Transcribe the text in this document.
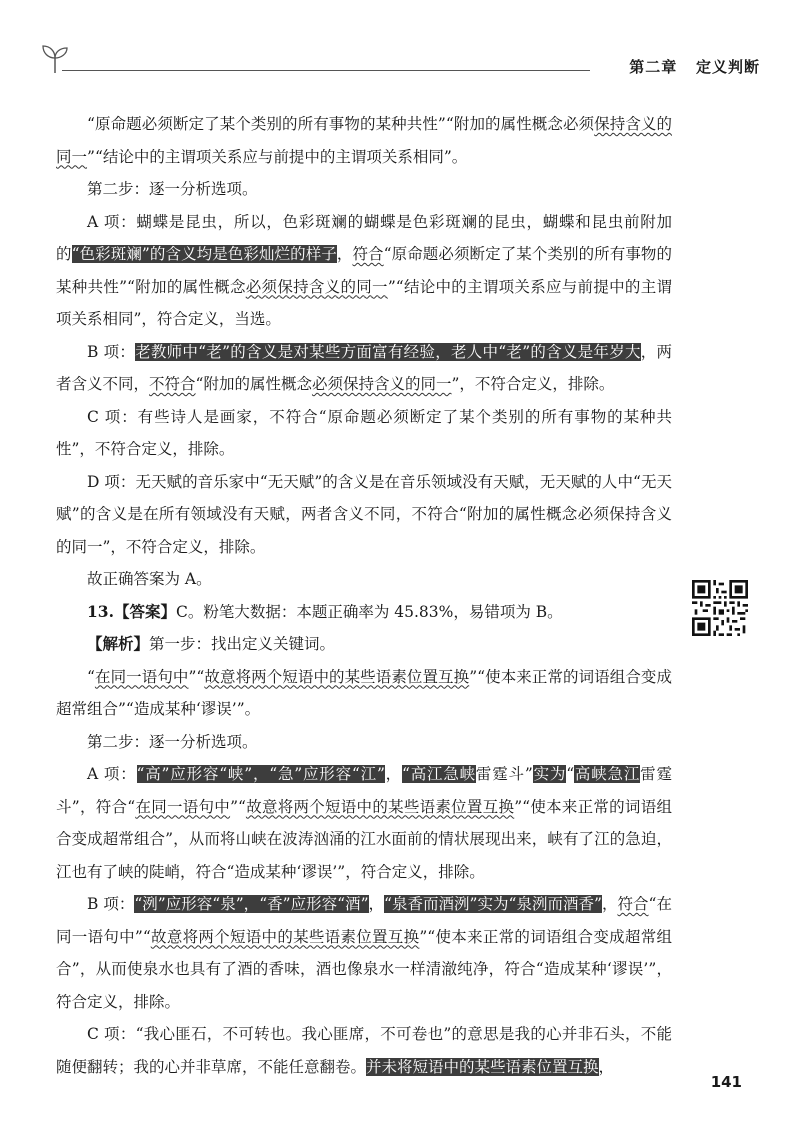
第二章 定义判断

“原命题必须断定了某个类别的所有事物的某种共性”“附加的属性概念必须保持含义的同一”“结论中的主谓项关系应与前提中的主谓项关系相同”。

第二步：逐一分析选项。

A 项：蝴蝶是昆虫，所以，色彩斑斓的蝴蝶是色彩斑斓的昆虫，蝴蝶和昆虫前附加的“色彩斑斓”的含义均是色彩灿烂的样子，符合“原命题必须断定了某个类别的所有事物的某种共性”“附加的属性概念必须保持含义的同一”“结论中的主谓项关系应与前提中的主谓项关系相同”，符合定义，当选。

B 项：老教师中“老”的含义是对某些方面富有经验，老人中“老”的含义是年岁大，两者含义不同，不符合“附加的属性概念必须保持含义的同一”，不符合定义，排除。

C 项：有些诗人是画家，不符合“原命题必须断定了某个类别的所有事物的某种共性”，不符合定义，排除。

D 项：无天赋的音乐家中“无天赋”的含义是在音乐领域没有天赋，无天赋的人中“无天赋”的含义是在所有领域没有天赋，两者含义不同，不符合“附加的属性概念必须保持含义的同一”，不符合定义，排除。

故正确答案为 A。

13.【答案】C。粉笔大数据：本题正确率为 45.83%，易错项为 B。

【解析】第一步：找出定义关键词。

“在同一语句中”“故意将两个短语中的某些语素位置互换”“使本来正常的词语组合变成超常组合”“造成某种‘谬误’”。

第二步：逐一分析选项。

A 项：“高”应形容“峡”，“急”应形容“江”，“高江急峡雷霆斗”实为“高峡急江雷霆斗”，符合“在同一语句中”“故意将两个短语中的某些语素位置互换”“使本来正常的词语组合变成超常组合”，从而将山峡在波涛汹涌的江水面前的情状展现出来，峡有了江的急迫，江也有了峡的陡峭，符合“造成某种‘谬误’”，符合定义，排除。

B 项：“洌”应形容“泉”，“香”应形容“酒”，“泉香而酒洌”实为“泉洌而酒香”，符合“在同一语句中”“故意将两个短语中的某些语素位置互换”“使本来正常的词语组合变成超常组合”，从而使泉水也具有了酒的香味，酒也像泉水一样清澈纯净，符合“造成某种‘谬误’”，符合定义，排除。

C 项：“我心匪石，不可转也。我心匪席，不可卷也”的意思是我的心并非石头，不能随便翻转；我的心并非草席，不能任意翻卷。并未将短语中的某些语素位置互换，

141
